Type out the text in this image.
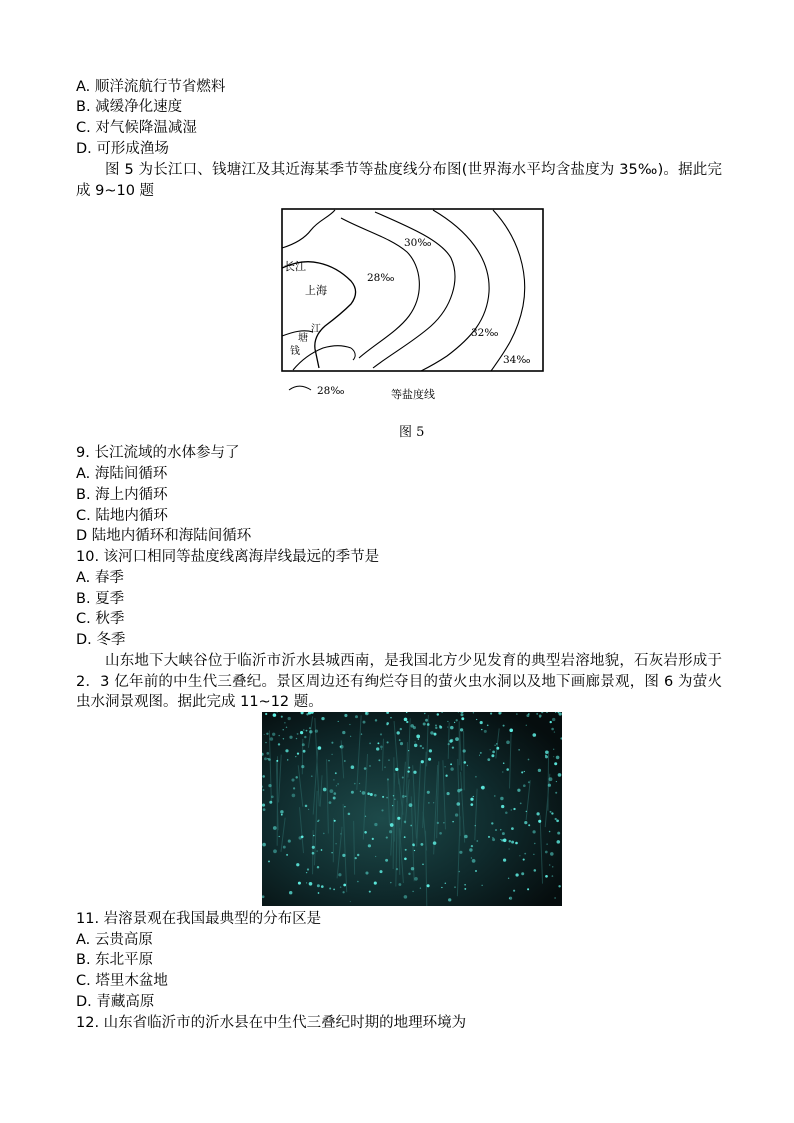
A. 顺洋流航行节省燃料
B. 减缓净化速度
C. 对气候降温减湿
D. 可形成渔场
图 5 为长江口、钱塘江及其近海某季节等盐度线分布图(世界海水平均含盐度为 35‰)。据此完成 9~10 题
长江
上海
江
塘
钱
28‰
30‰
32‰
34‰
28‰	等盐度线
图 5
9. 长江流域的水体参与了
A. 海陆间循环
B. 海上内循环
C. 陆地内循环
D 陆地内循环和海陆间循环
10. 该河口相同等盐度线离海岸线最远的季节是
A. 春季
B. 夏季
C. 秋季
D. 冬季
山东地下大峡谷位于临沂市沂水县城西南，是我国北方少见发育的典型岩溶地貌，石灰岩形成于 2．3 亿年前的中生代三叠纪。景区周边还有绚烂夺目的萤火虫水洞以及地下画廊景观，图 6 为萤火虫水洞景观图。据此完成 11~12 题。
11. 岩溶景观在我国最典型的分布区是
A. 云贵高原
B. 东北平原
C. 塔里木盆地
D. 青藏高原
12. 山东省临沂市的沂水县在中生代三叠纪时期的地理环境为
